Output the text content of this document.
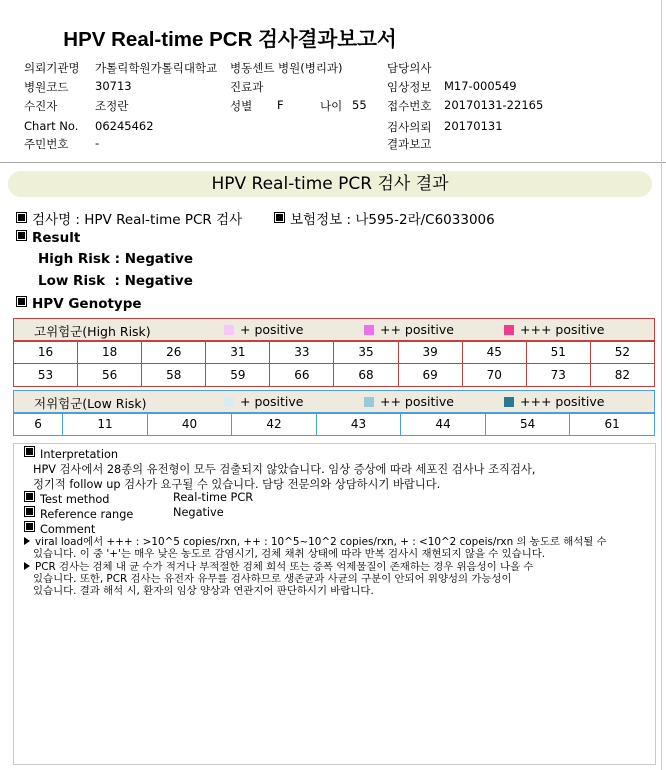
HPV Real-time PCR 검사결과보고서
의뢰기관명 가톨릭학원가톨릭대학교 병동센트 병원(병리과)	담당의사
병원코드 30713	진료과	임상정보 M17-000549
수진자	조정란	성별 F	나이 55 접수번호 20170131-22165
Chart No. 06245462	검사의뢰 20170131
주민번호 -	결과보고
HPV Real-time PCR 검사 결과
검사명 : HPV Real-time PCR 검사	보험정보 : 나595-2라/C6033006
Result
High Risk : Negative
Low Risk  : Negative
HPV Genotype
고위험군(High Risk)	+ positive	++ positive	+++ positive
16	18	26	31	33	35	39	45	51	52
53	56	58	59	66	68	69	70	73	82
저위험군(Low Risk)	+ positive	++ positive	+++ positive
6	11	40	42	43	44	54	61
Interpretation
HPV 검사에서 28종의 유전형이 모두 검출되지 않았습니다. 임상 증상에 따라 세포진 검사나 조직검사,
정기적 follow up 검사가 요구될 수 있습니다. 담당 전문의와 상담하시기 바랍니다.
Test method	Real-time PCR
Reference range	Negative
Comment
viral load에서 +++ : >10^5 copies/rxn, ++ : 10^5~10^2 copies/rxn, + : <10^2 copeis/rxn 의 농도로 해석될 수
있습니다. 이 중 '+'는 매우 낮은 농도로 감염시기, 검체 채취 상태에 따라 반복 검사시 재현되지 않을 수 있습니다.
PCR 검사는 검체 내 균 수가 적거나 부적절한 검체 희석 또는 증폭 억제물질이 존재하는 경우 위음성이 나올 수
있습니다. 또한, PCR 검사는 유전자 유무를 검사하므로 생존균과 사균의 구분이 안되어 위양성의 가능성이
있습니다. 결과 해석 시, 환자의 임상 양상과 연관지어 판단하시기 바랍니다.
